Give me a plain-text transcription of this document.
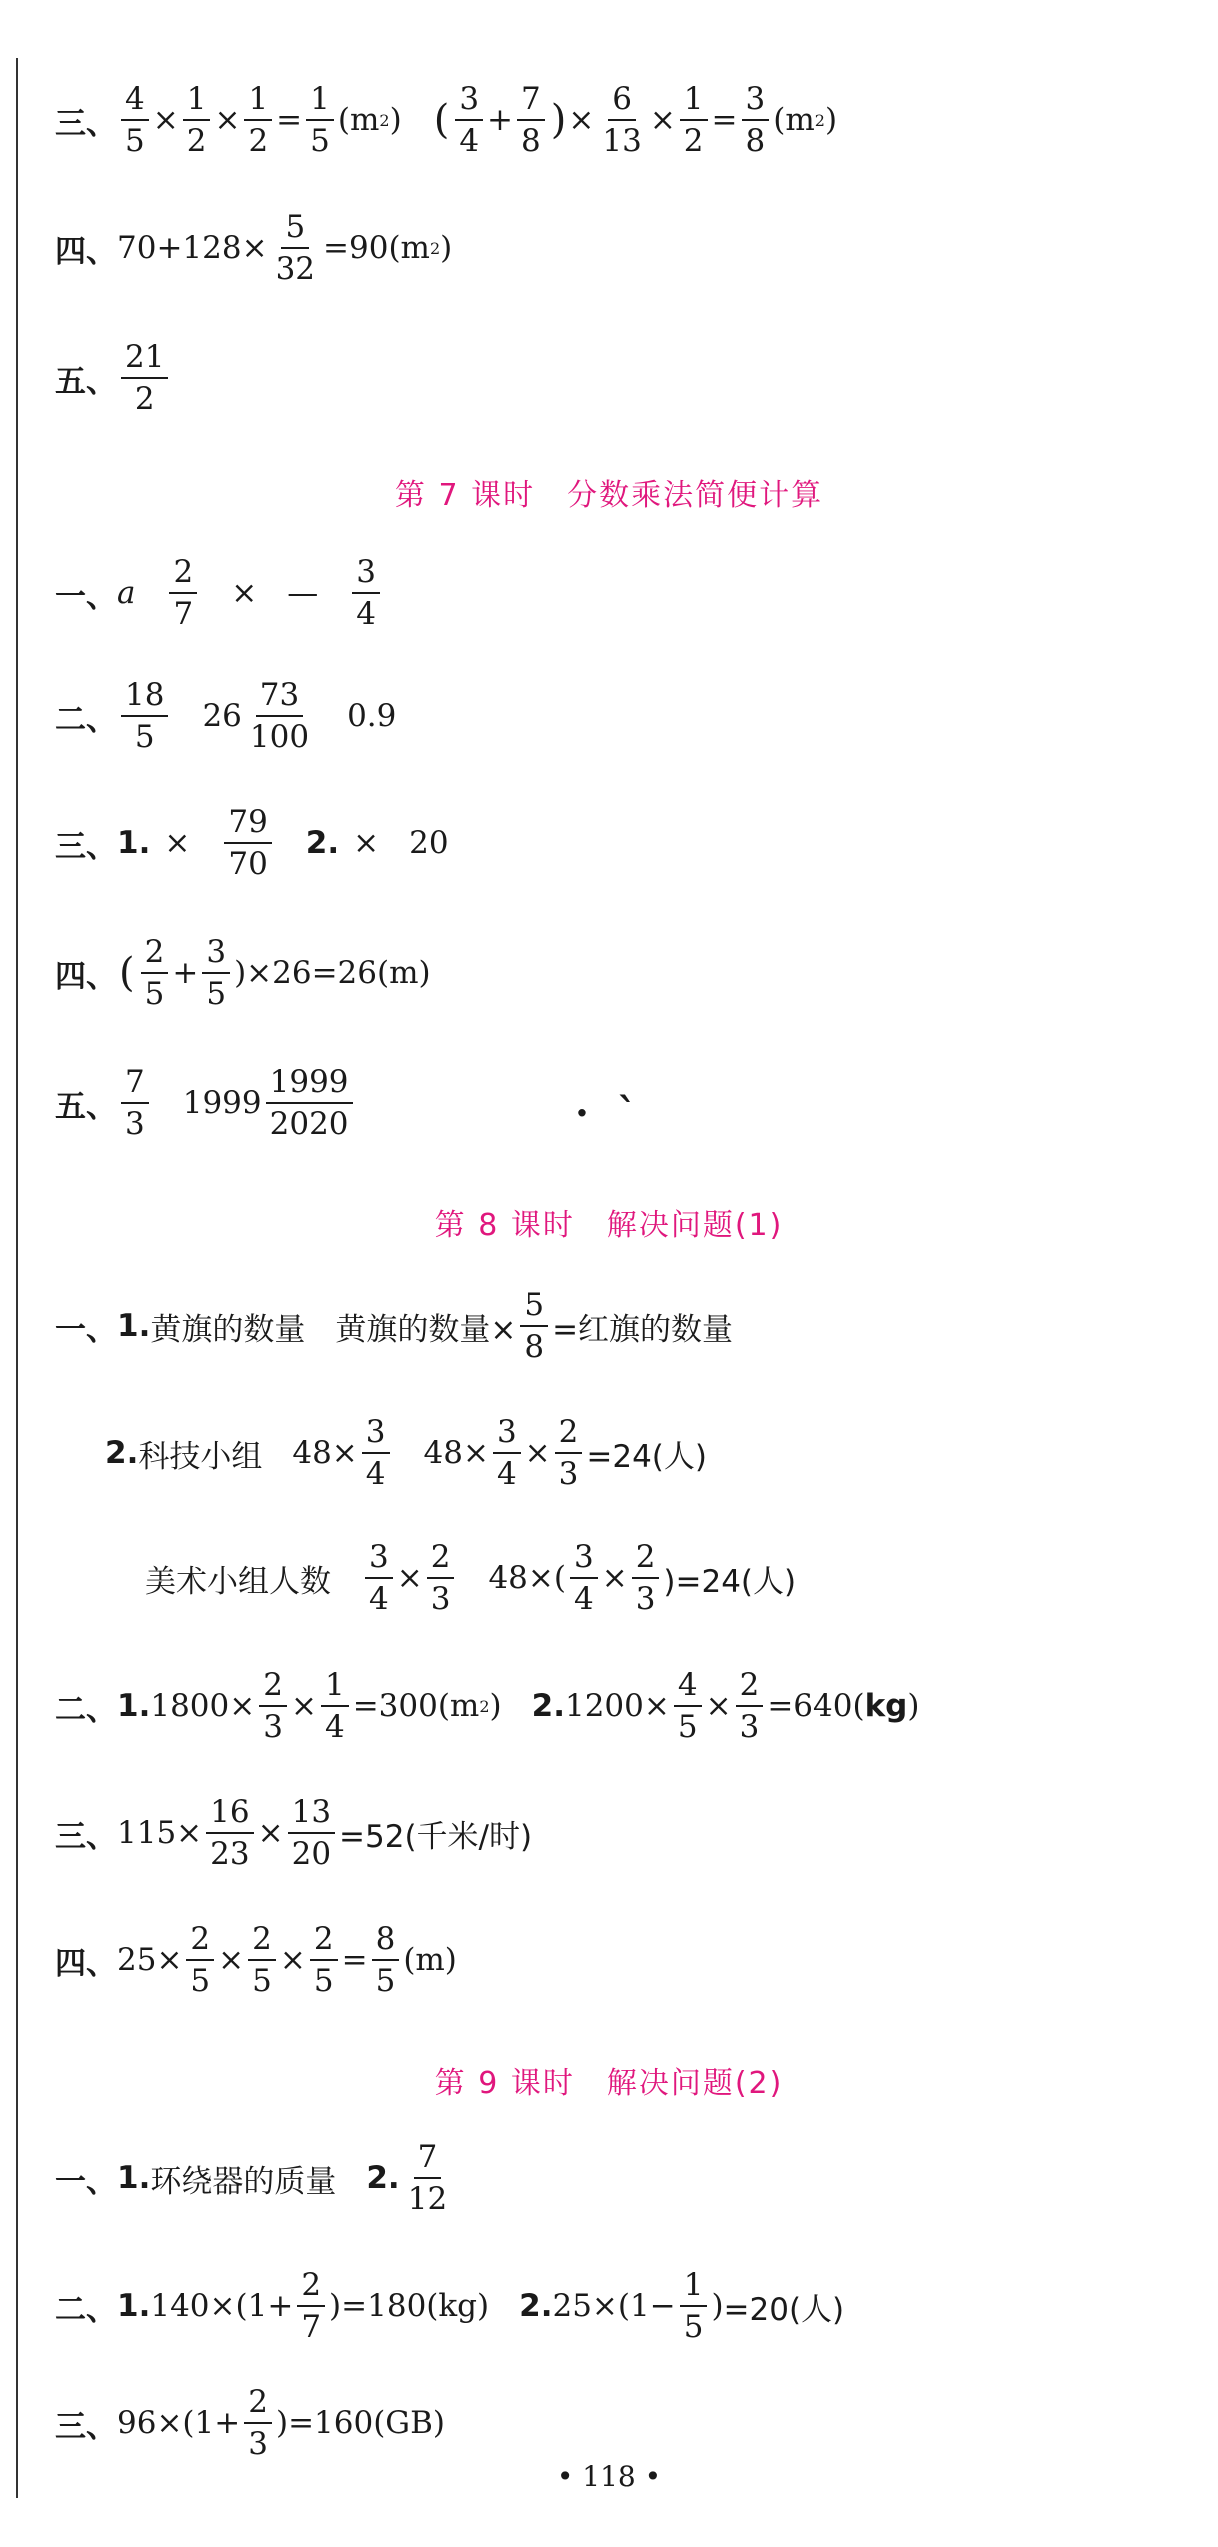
三、 $\frac{4}{5} \times \frac{1}{2} \times \frac{1}{2} = \frac{1}{5}$ ( m 2 ) ( $\frac{3}{4} + \frac{7}{8}$ ) × $\frac{6}{13} \times \frac{1}{2} = \frac{3}{8}$ ( m 2 )
四、 $70+128\times \frac{5}{32} =90(m$ 2 )
五、 $\frac{21}{2}$
第 7 课时　分数乘法简便计算
一、 a $\frac{2}{7}$ × — $\frac{3}{4}$
二、 $\frac{18}{5} 26 \frac{73}{100} 0.9$
三、 1. × $\frac{79}{70} 2$. × 20
四、 ( $\frac{2}{5} + \frac{3}{5} )\times 26=26(m)$
五、 $\frac{7}{3} 1999 \frac{1999}{2020}$	·  ˋ
第 8 课时　解决问题(1)
一、 1. 黄旗的数量 黄旗的数量× $\frac{5}{8}$ =红旗的数量
2. 科技小组 $48\times \frac{3}{4} 48\times \frac{3}{4} \times \frac{2}{3} =24$(人)
美术小组人数 $\frac{3}{4} \times \frac{2}{3} 48\times( \frac{3}{4} \times \frac{2}{3} )=24$(人)
二、 1. $1800\times \frac{2}{3} \times \frac{1}{4} =300(m$ 2 ) 2. $1200\times \frac{4}{5} \times \frac{2}{3} =640$( kg )
三、 $115\times \frac{16}{23} \times \frac{13}{20} =52$(千米/时)
四、 $25\times \frac{2}{5} \times \frac{2}{5} \times \frac{2}{5} = \frac{8}{5} (m)$
第 9 课时　解决问题(2)
一、 1. 环绕器的质量 2. $\frac{7}{12}$
二、 1. $140\times (1+ \frac{2}{7}$ ) =180(kg) 2. $25\times (1- \frac{1}{5}$ ) =20(人)
三、 $96\times (1+ \frac{2}{3}$ ) =160(GB)
• 118 •
